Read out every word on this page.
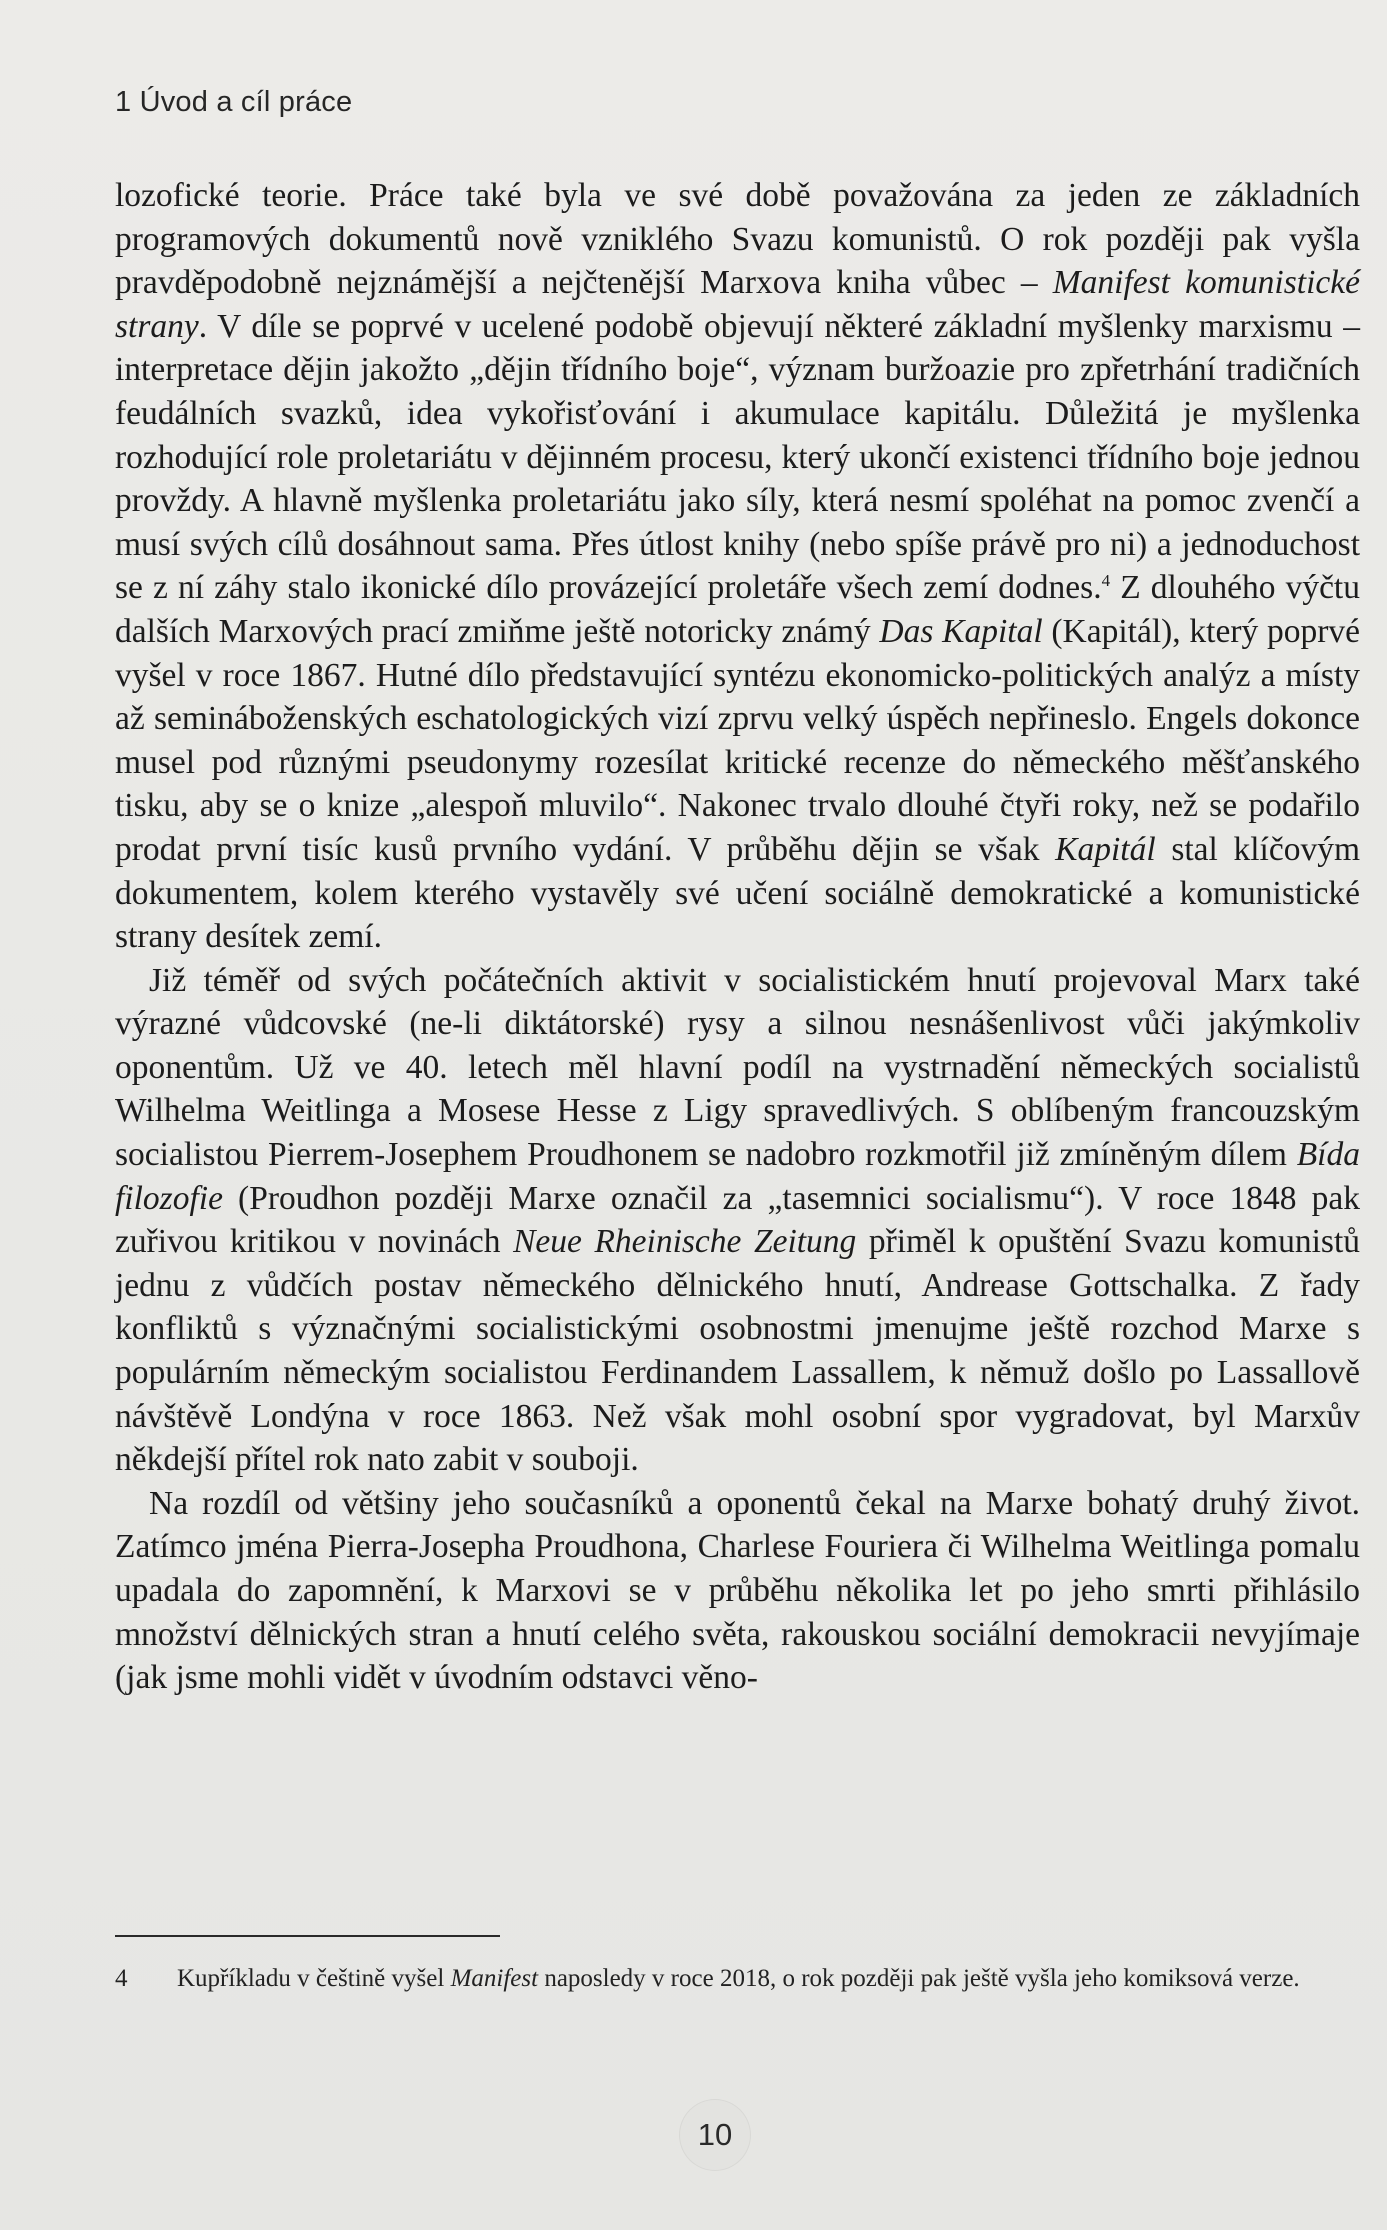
1 Úvod a cíl práce

lozofické teorie. Práce také byla ve své době považována za jeden ze základních programových dokumentů nově vzniklého Svazu komunistů. O rok později pak vyšla pravděpodobně nejznámější a nejčtenější Marxova kniha vůbec – Manifest komunistické strany. V díle se poprvé v ucelené podobě objevují některé základní myšlenky marxismu – interpretace dějin jakožto „dějin třídního boje“, význam buržoazie pro zpřetrhání tradičních feudálních svazků, idea vykořisťování i akumulace kapitálu. Důležitá je myšlenka rozhodující role proletariátu v dějinném procesu, který ukončí existenci třídního boje jednou provždy. A hlavně myšlenka proletariátu jako síly, která nesmí spoléhat na pomoc zvenčí a musí svých cílů dosáhnout sama. Přes útlost knihy (nebo spíše právě pro ni) a jednoduchost se z ní záhy stalo ikonické dílo provázející proletáře všech zemí dodnes.$^4$ Z dlouhého výčtu dalších Marxových prací zmiňme ještě notoricky známý Das Kapital (Kapitál), který poprvé vyšel v roce 1867. Hutné dílo představující syntézu ekonomicko-politických analýz a místy až semináboženských eschatologických vizí zprvu velký úspěch nepřineslo. Engels dokonce musel pod různými pseudonymy rozesílat kritické recenze do německého měšťanského tisku, aby se o knize „alespoň mluvilo“. Nakonec trvalo dlouhé čtyři roky, než se podařilo prodat první tisíc kusů prvního vydání. V průběhu dějin se však Kapitál stal klíčovým dokumentem, kolem kterého vystavěly své učení sociálně demokratické a komunistické strany desítek zemí.

Již téměř od svých počátečních aktivit v socialistickém hnutí projevoval Marx také výrazné vůdcovské (ne-li diktátorské) rysy a silnou nesnášenlivost vůči jakýmkoliv oponentům. Už ve 40. letech měl hlavní podíl na vystrnadění německých socialistů Wilhelma Weitlinga a Mosese Hesse z Ligy spravedlivých. S oblíbeným francouzským socialistou Pierrem-Josephem Proudhonem se nadobro rozkmotřil již zmíněným dílem Bída filozofie (Proudhon později Marxe označil za „tasemnici socialismu“). V roce 1848 pak zuřivou kritikou v novinách Neue Rheinische Zeitung přiměl k opuštění Svazu komunistů jednu z vůdčích postav německého dělnického hnutí, Andrease Gottschalka. Z řady konfliktů s význačnými socialistickými osobnostmi jmenujme ještě rozchod Marxe s populárním německým socialistou Ferdinandem Lassallem, k němuž došlo po Lassallově návštěvě Londýna v roce 1863. Než však mohl osobní spor vygradovat, byl Marxův někdejší přítel rok nato zabit v souboji.

Na rozdíl od většiny jeho současníků a oponentů čekal na Marxe bohatý druhý život. Zatímco jména Pierra-Josepha Proudhona, Charlese Fouriera či Wilhelma Weitlinga pomalu upadala do zapomnění, k Marxovi se v průběhu několika let po jeho smrti přihlásilo množství dělnických stran a hnutí celého světa, rakouskou sociální demokracii nevyjímaje (jak jsme mohli vidět v úvodním odstavci věno-

4 Kupříkladu v češtině vyšel Manifest naposledy v roce 2018, o rok později pak ještě vyšla jeho komiksová verze.
10
